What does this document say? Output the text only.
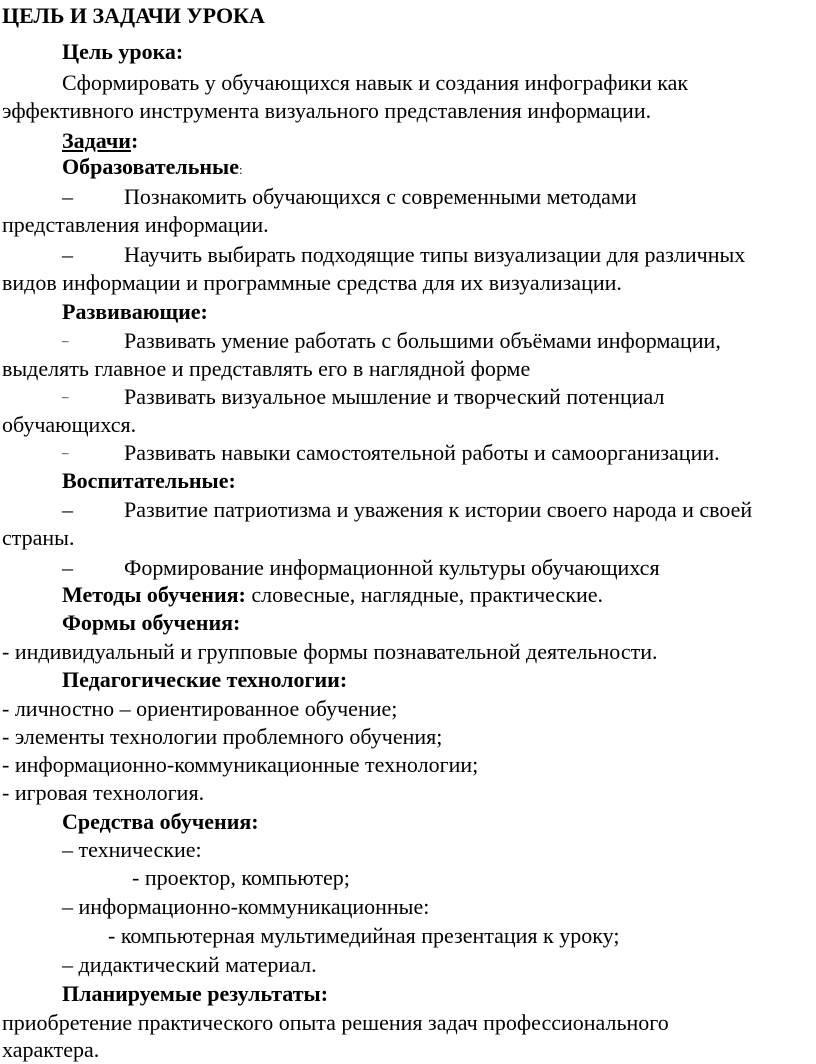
ЦЕЛЬ И ЗАДАЧИ УРОКА
Цель урока:
Сформировать у обучающихся навык и создания инфографики как
эффективного инструмента визуального представления информации.
Задачи:
Образовательные:
– Познакомить обучающихся с современными методами
представления информации.
– Научить выбирать подходящие типы визуализации для различных
видов информации и программные средства для их визуализации.
Развивающие:
–	Развивать умение работать с большими объёмами информации,
выделять главное и представлять его в наглядной форме
–	Развивать визуальное мышление и творческий потенциал
обучающихся.
–	Развивать навыки самостоятельной работы и самоорганизации.
Воспитательные:
– Развитие патриотизма и уважения к истории своего народа и своей
страны.
– Формирование информационной культуры обучающихся
Методы обучения: словесные, наглядные, практические.
Формы обучения:
- индивидуальный и групповые формы познавательной деятельности.
Педагогические технологии:
- личностно – ориентированное обучение;
- элементы технологии проблемного обучения;
- информационно-коммуникационные технологии;
- игровая технология.
Средства обучения:
– технические:
- проектор, компьютер;
– информационно-коммуникационные:
- компьютерная мультимедийная презентация к уроку;
– дидактический материал.
Планируемые результаты:
приобретение практического опыта решения задач профессионального
характера.
